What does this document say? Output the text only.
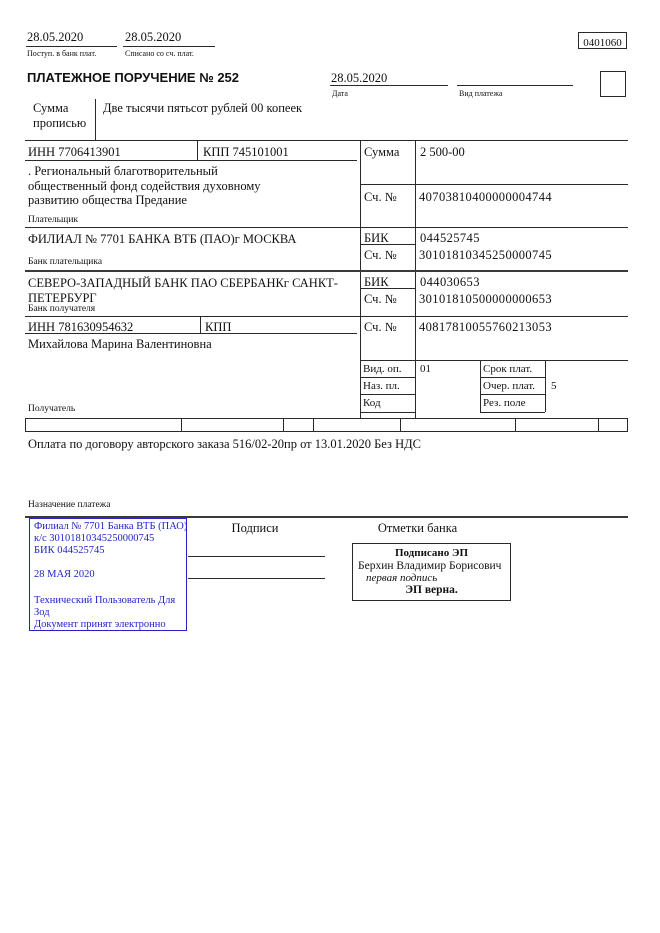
28.05.2020
Поступ. в банк плат.
28.05.2020
Списано со сч. плат.
0401060
ПЛАТЕЖНОЕ ПОРУЧЕНИЕ № 252	28.05.2020
Дата	Вид платежа
Сумма
прописью
Две тысячи пятьсот рублей 00 копеек
ИНН 7706413901	КПП 745101001	Сумма 2 500-00
. Региональный благотворительный общественный фонд содействия духовному развитию общества Предание
Плательщик
Сч. № 40703810400000004744
ФИЛИАЛ № 7701 БАНКА ВТБ (ПАО)г МОСКВА	БИК	044525745
Сч. № 30101810345250000745
Банк плательщика
СЕВЕРО-ЗАПАДНЫЙ БАНК ПАО СБЕРБАНКг САНКТ-ПЕТЕРБУРГ
БИК	044030653
Сч. № 30101810500000000653
Банк получателя
ИНН 781630954632	КПП	Сч. № 40817810055760213053
Михайлова Марина Валентиновна
Получатель
Вид. оп. 01	Срок плат.
Наз. пл.	Очер. плат. 5
Код	Рез. поле
Оплата по договору авторского заказа 516/02-20пр от 13.01.2020 Без НДС
Назначение платежа
Подписи	Отметки банка
Филиал № 7701 Банка ВТБ (ПАО)
к/с 30101810345250000745
БИК 044525745
28 МАЯ 2020
Технический Пользователь Для
Зод
Документ принят электронно
Подписано ЭП
Берхин Владимир Борисович
первая подпись
ЭП верна.
